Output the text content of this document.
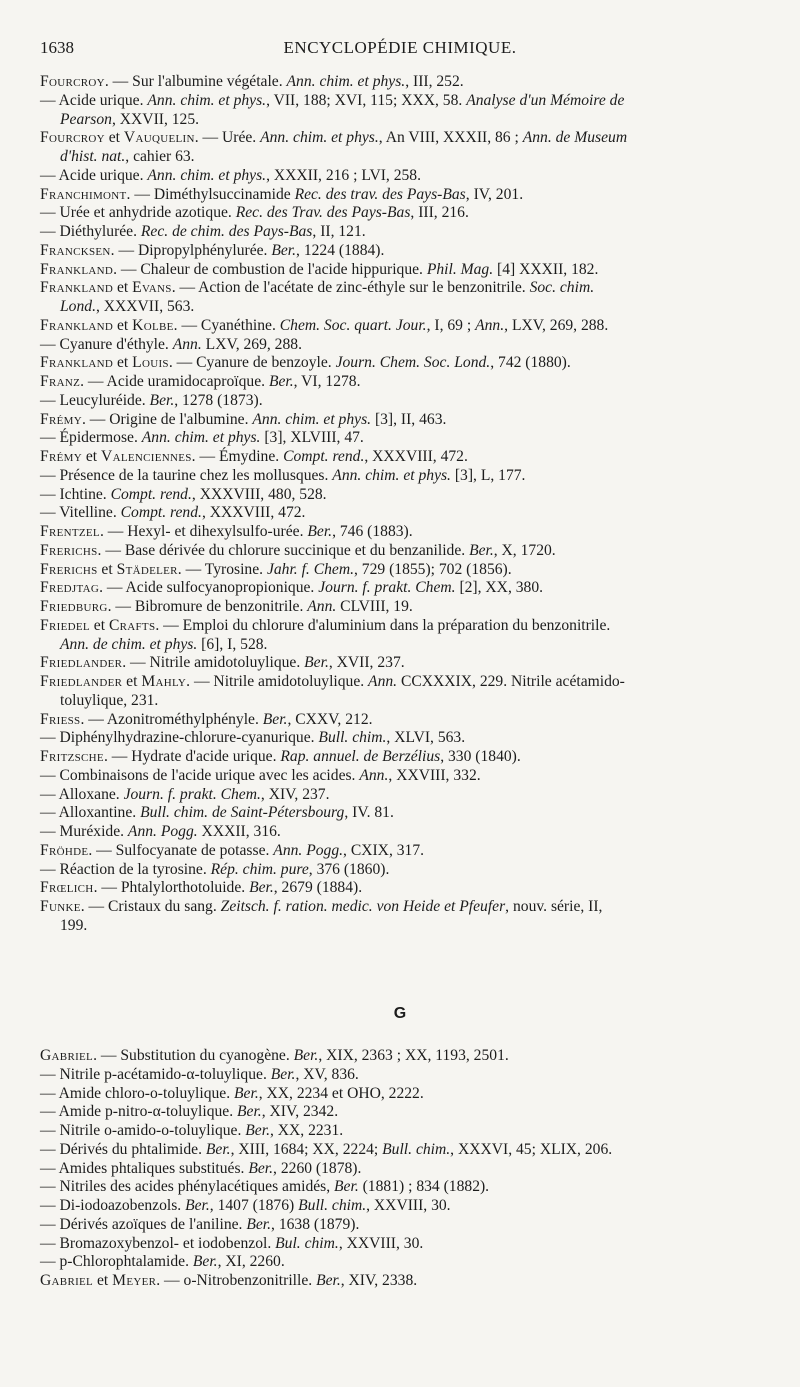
1638	ENCYCLOPÉDIE CHIMIQUE.

Fourcroy. — Sur l'albumine végétale. Ann. chim. et phys., III, 252.

— Acide urique. Ann. chim. et phys., VII, 188; XVI, 115; XXX, 58. Analyse d'un Mémoire de
Pearson, XXVII, 125.

Fourcroy et Vauquelin. — Urée. Ann. chim. et phys., An VIII, XXXII, 86 ; Ann. de Museum
d'hist. nat., cahier 63.

— Acide urique. Ann. chim. et phys., XXXII, 216 ; LVI, 258.

Franchimont. — Diméthylsuccinamide Rec. des trav. des Pays-Bas, IV, 201.

— Urée et anhydride azotique. Rec. des Trav. des Pays-Bas, III, 216.

— Diéthylurée. Rec. de chim. des Pays-Bas, II, 121.

Francksen. — Dipropylphénylurée. Ber., 1224 (1884).

Frankland. — Chaleur de combustion de l'acide hippurique. Phil. Mag. [4] XXXII, 182.

Frankland et Evans. — Action de l'acétate de zinc-éthyle sur le benzonitrile. Soc. chim.
Lond., XXXVII, 563.

Frankland et Kolbe. — Cyanéthine. Chem. Soc. quart. Jour., I, 69 ; Ann., LXV, 269, 288.

— Cyanure d'éthyle. Ann. LXV, 269, 288.

Frankland et Louis. — Cyanure de benzoyle. Journ. Chem. Soc. Lond., 742 (1880).

Franz. — Acide uramidocaproïque. Ber., VI, 1278.

— Leucyluréide. Ber., 1278 (1873).

Frémy. — Origine de l'albumine. Ann. chim. et phys. [3], II, 463.

— Épidermose. Ann. chim. et phys. [3], XLVIII, 47.

Frémy et Valenciennes. — Émydine. Compt. rend., XXXVIII, 472.

— Présence de la taurine chez les mollusques. Ann. chim. et phys. [3], L, 177.

— Ichtine. Compt. rend., XXXVIII, 480, 528.

— Vitelline. Compt. rend., XXXVIII, 472.

Frentzel. — Hexyl- et dihexylsulfo-urée. Ber., 746 (1883).

Frerichs. — Base dérivée du chlorure succinique et du benzanilide. Ber., X, 1720.

Frerichs et Städeler. — Tyrosine. Jahr. f. Chem., 729 (1855); 702 (1856).

Fredjtag. — Acide sulfocyanopropionique. Journ. f. prakt. Chem. [2], XX, 380.

Friedburg. — Bibromure de benzonitrile. Ann. CLVIII, 19.

Friedel et Crafts. — Emploi du chlorure d'aluminium dans la préparation du benzonitrile.
Ann. de chim. et phys. [6], I, 528.

Friedlander. — Nitrile amidotoluylique. Ber., XVII, 237.

Friedlander et Mahly. — Nitrile amidotoluylique. Ann. CCXXXIX, 229. Nitrile acétamido-
toluylique, 231.

Friess. — Azonitrométhylphényle. Ber., CXXV, 212.

— Diphénylhydrazine-chlorure-cyanurique. Bull. chim., XLVI, 563.

Fritzsche. — Hydrate d'acide urique. Rap. annuel. de Berzélius, 330 (1840).

— Combinaisons de l'acide urique avec les acides. Ann., XXVIII, 332.

— Alloxane. Journ. f. prakt. Chem., XIV, 237.

— Alloxantine. Bull. chim. de Saint-Pétersbourg, IV. 81.

— Muréxide. Ann. Pogg. XXXII, 316.

Fröhde. — Sulfocyanate de potasse. Ann. Pogg., CXIX, 317.

— Réaction de la tyrosine. Rép. chim. pure, 376 (1860).

Frœlich. — Phtalylorthotoluide. Ber., 2679 (1884).

Funke. — Cristaux du sang. Zeitsch. f. ration. medic. von Heide et Pfeufer, nouv. série, II,
199.

G

Gabriel. — Substitution du cyanogène. Ber., XIX, 2363 ; XX, 1193, 2501.

— Nitrile p-acétamido-α-toluylique. Ber., XV, 836.

— Amide chloro-o-toluylique. Ber., XX, 2234 et OHO, 2222.

— Amide p-nitro-α-toluylique. Ber., XIV, 2342.

— Nitrile o-amido-o-toluylique. Ber., XX, 2231.

— Dérivés du phtalimide. Ber., XIII, 1684; XX, 2224; Bull. chim., XXXVI, 45; XLIX, 206.

— Amides phtaliques substitués. Ber., 2260 (1878).

— Nitriles des acides phénylacétiques amidés, Ber. (1881) ; 834 (1882).

— Di-iodoazobenzols. Ber., 1407 (1876) Bull. chim., XXVIII, 30.

— Dérivés azoïques de l'aniline. Ber., 1638 (1879).

— Bromazoxybenzol- et iodobenzol. Bul. chim., XXVIII, 30.

— p-Chlorophtalamide. Ber., XI, 2260.

Gabriel et Meyer. — o-Nitrobenzonitrille. Ber., XIV, 2338.
